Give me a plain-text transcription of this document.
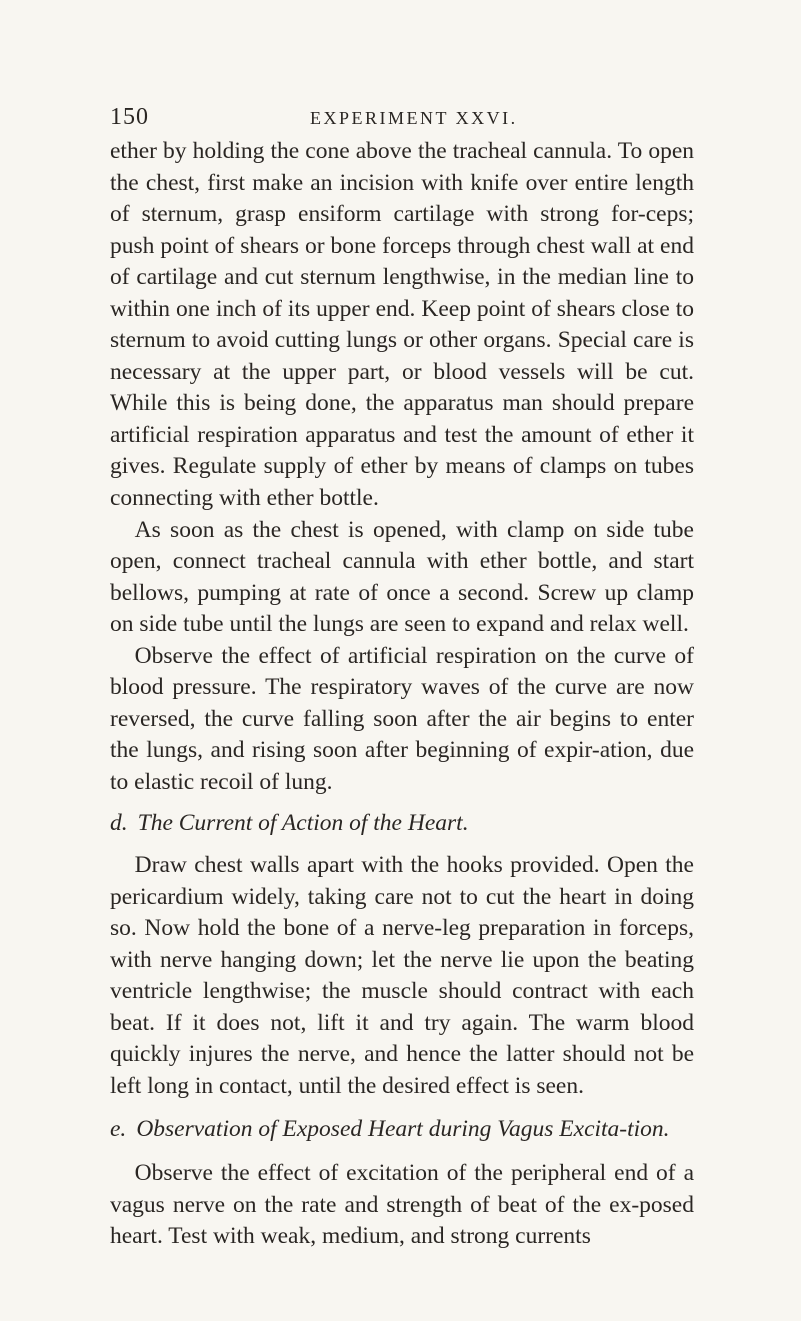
150	EXPERIMENT XXVI.

ether by holding the cone above the tracheal cannula. To open the chest, first make an incision with knife over entire length of sternum, grasp ensiform cartilage with strong for-ceps; push point of shears or bone forceps through chest wall at end of cartilage and cut sternum lengthwise, in the median line to within one inch of its upper end. Keep point of shears close to sternum to avoid cutting lungs or other organs. Special care is necessary at the upper part, or blood vessels will be cut. While this is being done, the apparatus man should prepare artificial respiration apparatus and test the amount of ether it gives. Regulate supply of ether by means of clamps on tubes connecting with ether bottle.

As soon as the chest is opened, with clamp on side tube open, connect tracheal cannula with ether bottle, and start bellows, pumping at rate of once a second. Screw up clamp on side tube until the lungs are seen to expand and relax well.

Observe the effect of artificial respiration on the curve of blood pressure. The respiratory waves of the curve are now reversed, the curve falling soon after the air begins to enter the lungs, and rising soon after beginning of expir-ation, due to elastic recoil of lung.

d. The Current of Action of the Heart.

Draw chest walls apart with the hooks provided. Open the pericardium widely, taking care not to cut the heart in doing so. Now hold the bone of a nerve-leg preparation in forceps, with nerve hanging down; let the nerve lie upon the beating ventricle lengthwise; the muscle should contract with each beat. If it does not, lift it and try again. The warm blood quickly injures the nerve, and hence the latter should not be left long in contact, until the desired effect is seen.

e. Observation of Exposed Heart during Vagus Excita-tion.

Observe the effect of excitation of the peripheral end of a vagus nerve on the rate and strength of beat of the ex-posed heart. Test with weak, medium, and strong currents
